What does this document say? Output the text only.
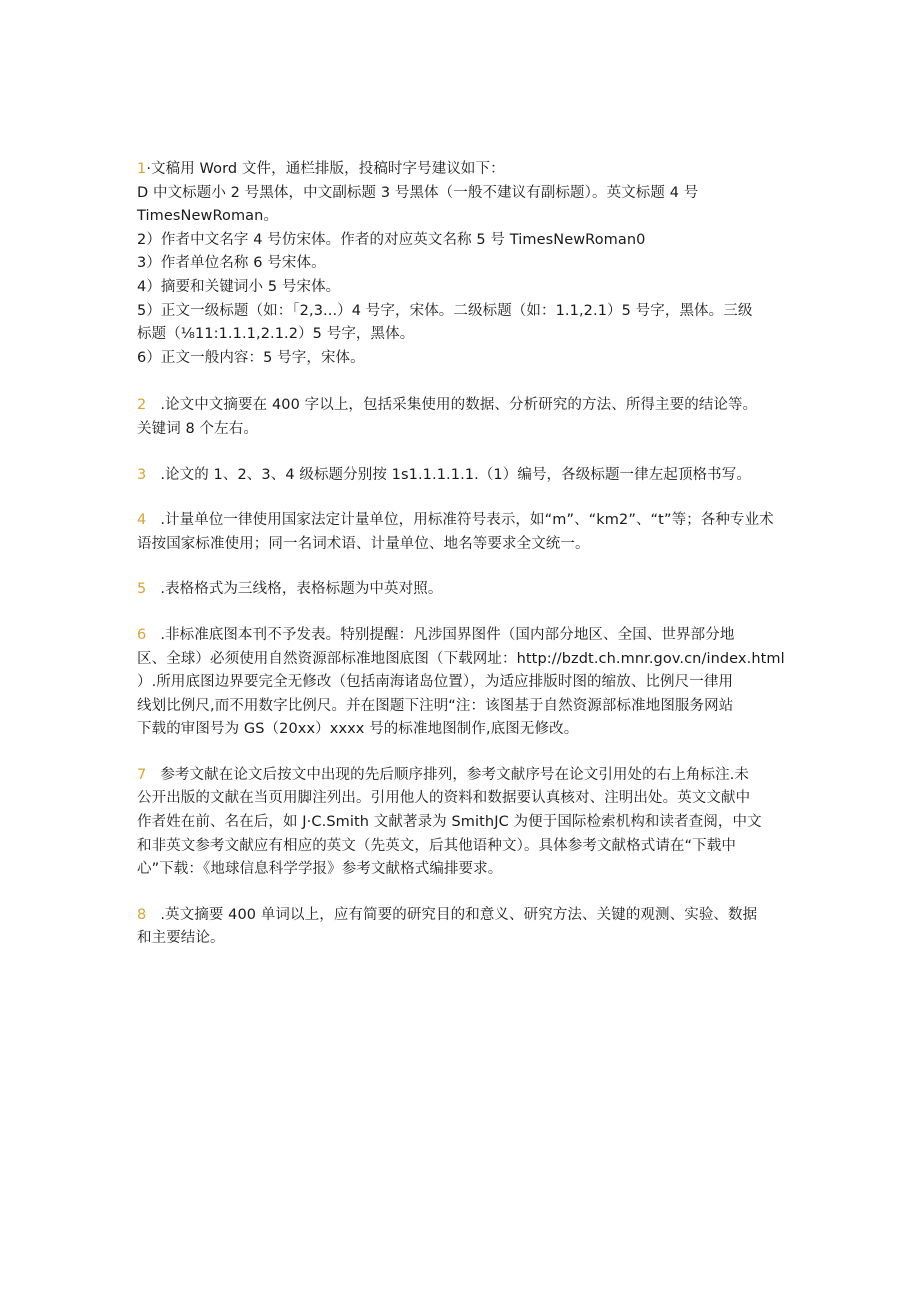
1·文稿用 Word 文件，通栏排版，投稿时字号建议如下：
D 中文标题小 2 号黑体，中文副标题 3 号黑体（一般不建议有副标题）。英文标题 4 号
TimesNewRoman。
2）作者中文名字 4 号仿宋体。作者的对应英文名称 5 号 TimesNewRoman0
3）作者单位名称 6 号宋体。
4）摘要和关键词小 5 号宋体。
5）正文一级标题（如：「2,3...）4 号字，宋体。二级标题（如：1.1,2.1）5 号字，黑体。三级
标题（⅛11:1.1.1,2.1.2）5 号字，黑体。
6）正文一般内容：5 号字，宋体。
2 .论文中文摘要在 400 字以上，包括采集使用的数据、分析研究的方法、所得主要的结论等。
关键词 8 个左右。
3 .论文的 1、2、3、4 级标题分别按 1s1.1.1.1.1.（1）编号，各级标题一律左起顶格书写。
4 .计量单位一律使用国家法定计量单位，用标准符号表示，如“m”、“km2”、“t”等；各种专业术
语按国家标准使用；同一名词术语、计量单位、地名等要求全文统一。
5 .表格格式为三线格，表格标题为中英对照。
6 .非标准底图本刊不予发表。特别提醒：凡涉国界图件（国内部分地区、全国、世界部分地
区、全球）必须使用自然资源部标准地图底图（下载网址：http://bzdt.ch.mnr.gov.cn/index.html
）.所用底图边界要完全无修改（包括南海诸岛位置），为适应排版时图的缩放、比例尺一律用
线划比例尺,而不用数字比例尺。并在图题下注明“注：该图基于自然资源部标准地图服务网站
下载的审图号为 GS（20xx）xxxx 号的标准地图制作,底图无修改。
7 参考文献在论文后按文中出现的先后顺序排列，参考文献序号在论文引用处的右上角标注.未
公开出版的文献在当页用脚注列出。引用他人的资料和数据要认真核对、注明出处。英文文献中
作者姓在前、名在后，如 J·C.Smith 文献著录为 SmithJC 为便于国际检索机构和读者查阅，中文
和非英文参考文献应有相应的英文（先英文，后其他语种文）。具体参考文献格式请在“下载中
心”下载：《地球信息科学学报》参考文献格式编排要求。
8 .英文摘要 400 单词以上，应有简要的研究目的和意义、研究方法、关键的观测、实验、数据
和主要结论。
